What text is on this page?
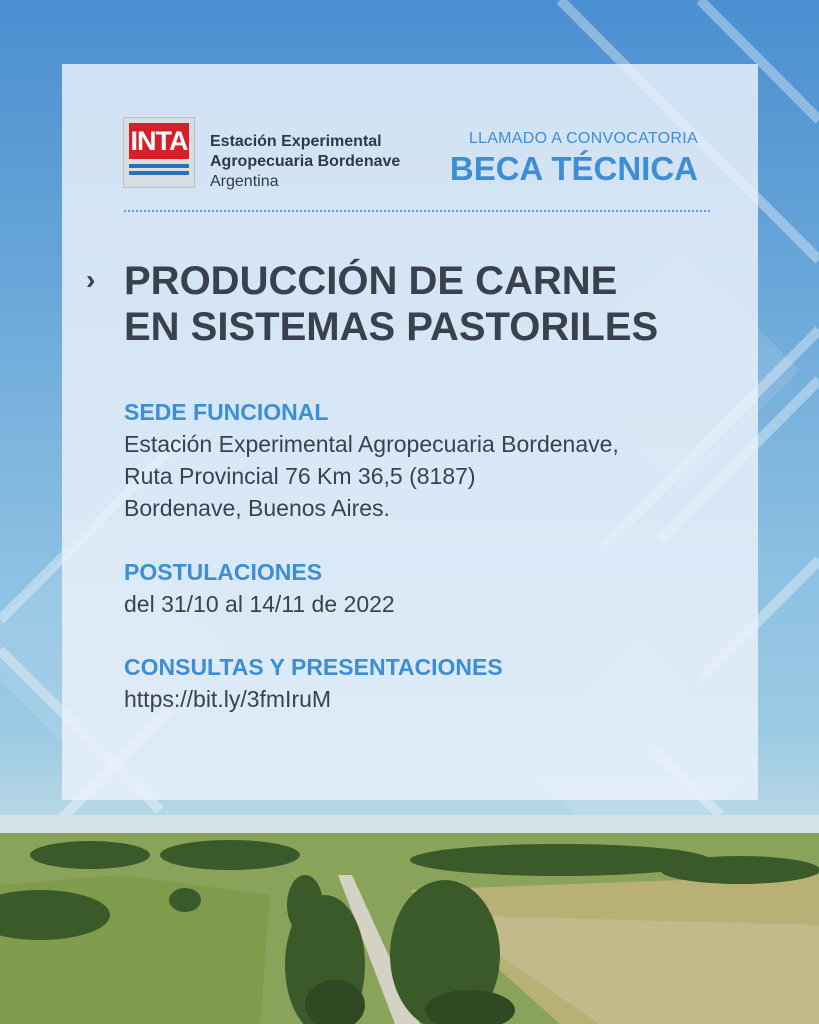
INTA Estación Experimental
Agropecuaria Bordenave
Argentina
LLAMADO A CONVOCATORIA
BECA TÉCNICA
› PRODUCCIÓN DE CARNE
EN SISTEMAS PASTORILES
SEDE FUNCIONAL
Estación Experimental Agropecuaria Bordenave,
Ruta Provincial 76 Km 36,5 (8187)
Bordenave, Buenos Aires.
POSTULACIONES
del 31/10 al 14/11 de 2022
CONSULTAS Y PRESENTACIONES
https://bit.ly/3fmIruM
